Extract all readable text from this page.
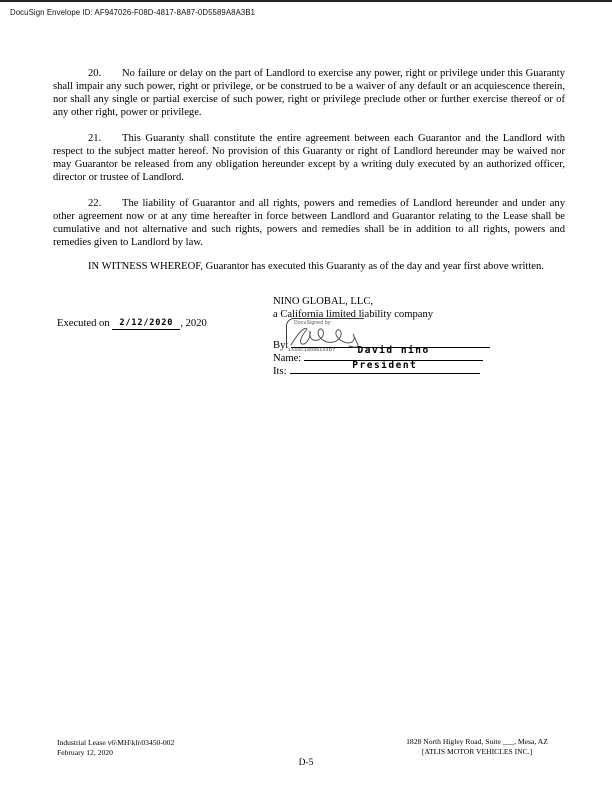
DocuSign Envelope ID: AF947026-F08D-4817-8A87-0D5589A8A3B1

20. No failure or delay on the part of Landlord to exercise any power, right or privilege under this Guaranty shall impair any such power, right or privilege, or be construed to be a waiver of any default or an acquiescence therein, nor shall any single or partial exercise of such power, right or privilege preclude other or further exercise thereof or of any other right, power or privilege.

21. This Guaranty shall constitute the entire agreement between each Guarantor and the Landlord with respect to the subject matter hereof. No provision of this Guaranty or right of Landlord hereunder may be waived nor may Guarantor be released from any obligation hereunder except by a writing duly executed by an authorized officer, director or trustee of Landlord.

22. The liability of Guarantor and all rights, powers and remedies of Landlord hereunder and under any other agreement now or at any time hereafter in force between Landlord and Guarantor relating to the Lease shall be cumulative and not alternative and such rights, powers and remedies shall be in addition to all rights, powers and remedies given to Landlord by law.

IN WITNESS WHEREOF, Guarantor has executed this Guaranty as of the day and year first above written.

NINO GLOBAL, LLC,
a California limited liability company
Executed on 2/12/2020 , 2020
By:
Name:
David nino
Its:
President
DocuSigned by:
1434C18085144D7
Industrial Lease v6\MH\kh\03450-002
February 12, 2020
1828 North Higley Road, Suite ___, Mesa, AZ
[ATLIS MOTOR VEHICLES INC.]
D-5
